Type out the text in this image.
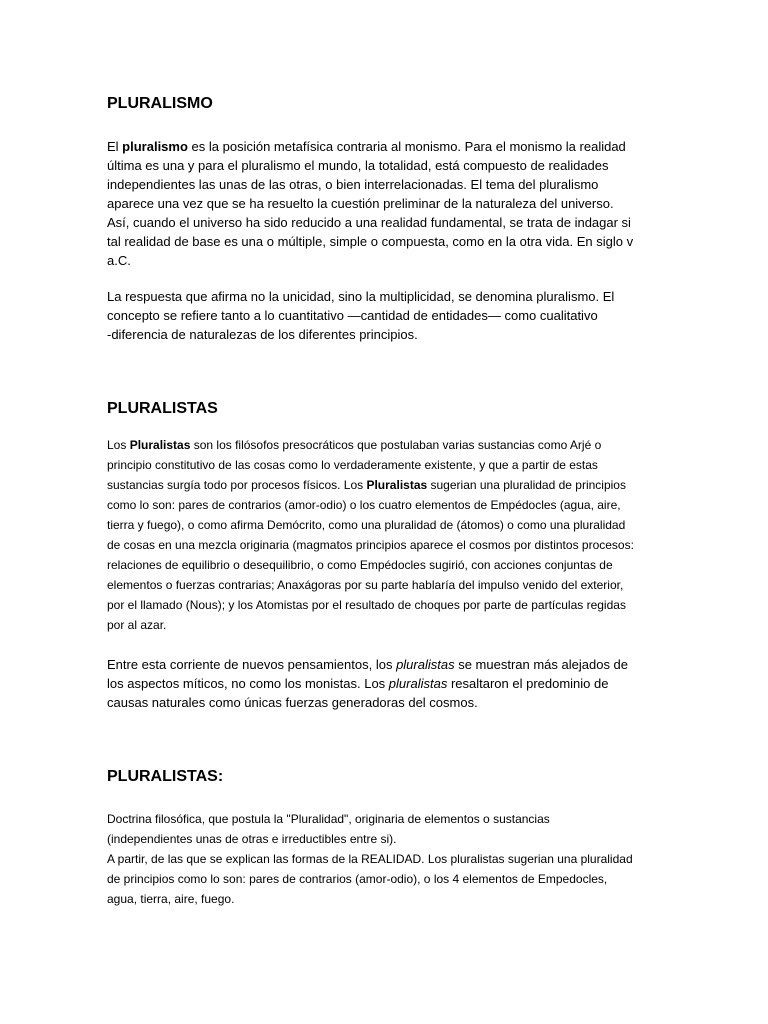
PLURALISMO

El pluralismo es la posición metafísica contraria al monismo. Para el monismo la realidad
última es una y para el pluralismo el mundo, la totalidad, está compuesto de realidades
independientes las unas de las otras, o bien interrelacionadas. El tema del pluralismo
aparece una vez que se ha resuelto la cuestión preliminar de la naturaleza del universo.
Así, cuando el universo ha sido reducido a una realidad fundamental, se trata de indagar si
tal realidad de base es una o múltiple, simple o compuesta, como en la otra vida. En siglo v
a.C.

La respuesta que afirma no la unicidad, sino la multiplicidad, se denomina pluralismo. El
concepto se refiere tanto a lo cuantitativo —cantidad de entidades— como cualitativo
-diferencia de naturalezas de los diferentes principios.

PLURALISTAS

Los Pluralistas son los filósofos presocráticos que postulaban varias sustancias como Arjé o
principio constitutivo de las cosas como lo verdaderamente existente, y que a partir de estas
sustancias surgía todo por procesos físicos. Los Pluralistas sugerian una pluralidad de principios
como lo son: pares de contrarios (amor-odio) o los cuatro elementos de Empédocles (agua, aire,
tierra y fuego), o como afirma Demócrito, como una pluralidad de (átomos) o como una pluralidad
de cosas en una mezcla originaria (magmatos principios aparece el cosmos por distintos procesos:
relaciones de equilibrio o desequilibrio, o como Empédocles sugirió, con acciones conjuntas de
elementos o fuerzas contrarias; Anaxágoras por su parte hablaría del impulso venido del exterior,
por el llamado (Nous); y los Atomistas por el resultado de choques por parte de partículas regidas
por al azar.

Entre esta corriente de nuevos pensamientos, los pluralistas se muestran más alejados de
los aspectos míticos, no como los monistas. Los pluralistas resaltaron el predominio de
causas naturales como únicas fuerzas generadoras del cosmos.

PLURALISTAS:

Doctrina filosófica, que postula la "Pluralidad", originaria de elementos o sustancias
(independientes unas de otras e irreductibles entre si).
A partir, de las que se explican las formas de la REALIDAD. Los pluralistas sugerian una pluralidad
de principios como lo son: pares de contrarios (amor-odio), o los 4 elementos de Empedocles,
agua, tierra, aire, fuego.
